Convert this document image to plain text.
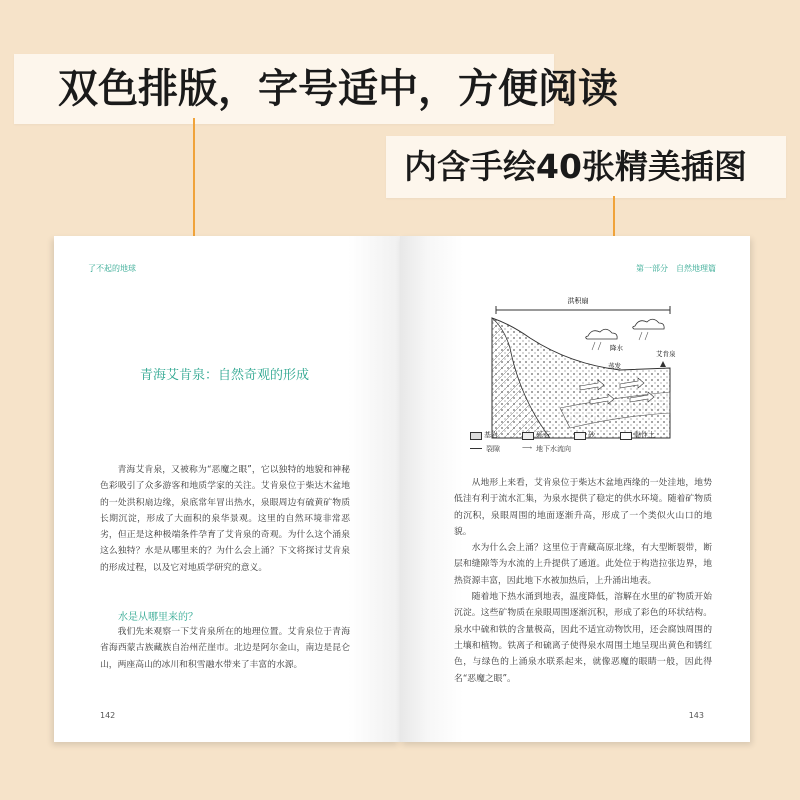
双色排版，字号适中，方便阅读
内含手绘40张精美插图
了不起的地球
青海艾肯泉：自然奇观的形成

青海艾肯泉，又被称为“恶魔之眼”，它以独特的地貌和神秘色彩吸引了众多游客和地质学家的关注。艾肯泉位于柴达木盆地的一处洪积扇边缘，泉底常年冒出热水，泉眼周边有硫黄矿物质长期沉淀，形成了大面积的泉华景观。这里的自然环境非常恶劣，但正是这种极端条件孕育了艾肯泉的奇观。为什么这个涌泉这么独特？水是从哪里来的？为什么会上涌？下文将探讨艾肯泉的形成过程，以及它对地质学研究的意义。

水是从哪里来的？

我们先来观察一下艾肯泉所在的地理位置。艾肯泉位于青海省海西蒙古族藏族自治州茫崖市。北边是阿尔金山，南边是昆仑山，两座高山的冰川和积雪融水带来了丰富的水源。

142
第一部分　自然地理篇
洪积扇
降水
蒸发
艾肯泉
基岩	砾石	砂	黏性土
裂隙	⟶ 地下水流向

从地形上来看，艾肯泉位于柴达木盆地西缘的一处洼地，地势低洼有利于流水汇集，为泉水提供了稳定的供水环境。随着矿物质的沉积，泉眼周围的地面逐渐升高，形成了一个类似火山口的地貌。

水为什么会上涌？这里位于青藏高原北缘，有大型断裂带，断层和缝隙等为水流的上升提供了通道。此处位于构造拉张边界，地热资源丰富，因此地下水被加热后，上升涌出地表。

随着地下热水涌到地表，温度降低，溶解在水里的矿物质开始沉淀。这些矿物质在泉眼周围逐渐沉积，形成了彩色的环状结构。泉水中硫和铁的含量极高，因此不适宜动物饮用，还会腐蚀周围的土壤和植物。铁离子和硫离子使得泉水周围土地呈现出黄色和锈红色，与绿色的上涌泉水联系起来，就像恶魔的眼睛一般，因此得名“恶魔之眼”。

143
